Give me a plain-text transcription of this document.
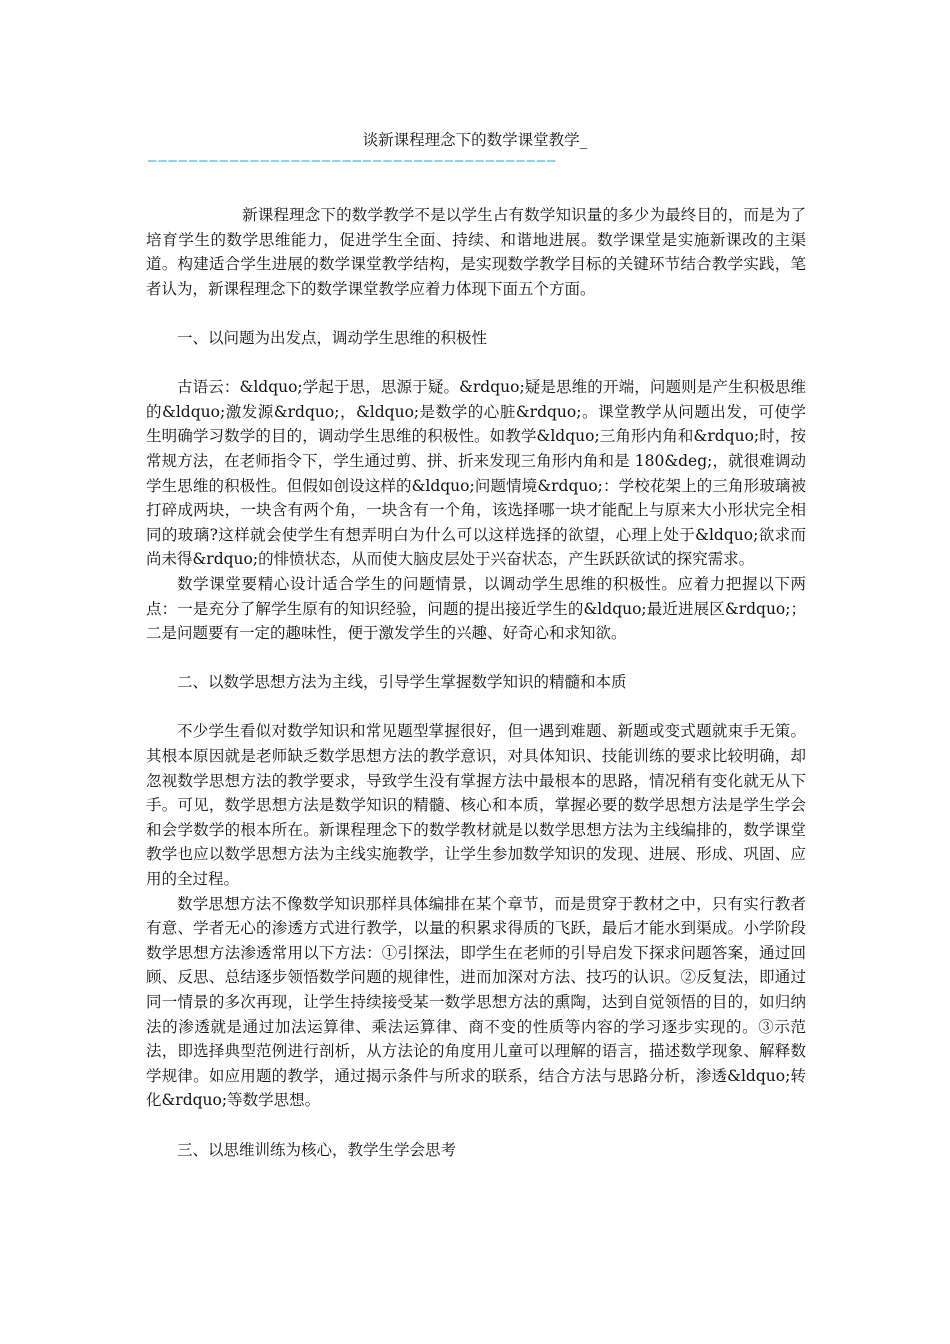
谈新课程理念下的数学课堂教学_
————————————————————————————————————————

新课程理念下的数学教学不是以学生占有数学知识量的多少为最终目的，而是为了培育学生的数学思维能力，促进学生全面、持续、和谐地进展。数学课堂是实施新课改的主渠道。构建适合学生进展的数学课堂教学结构，是实现数学教学目标的关键环节结合教学实践，笔者认为，新课程理念下的数学课堂教学应着力体现下面五个方面。

一、以问题为出发点，调动学生思维的积极性

古语云：&ldquo;学起于思，思源于疑。&rdquo;疑是思维的开端，问题则是产生积极思维的&ldquo;激发源&rdquo;，&ldquo;是数学的心脏&rdquo;。课堂教学从问题出发，可使学生明确学习数学的目的，调动学生思维的积极性。如教学&ldquo;三角形内角和&rdquo;时，按常规方法，在老师指令下，学生通过剪、拼、折来发现三角形内角和是 180&deg;，就很难调动学生思维的积极性。但假如创设这样的&ldquo;问题情境&rdquo;：学校花架上的三角形玻璃被打碎成两块，一块含有两个角，一块含有一个角，该选择哪一块才能配上与原来大小形状完全相同的玻璃?这样就会使学生有想弄明白为什么可以这样选择的欲望，心理上处于&ldquo;欲求而尚未得&rdquo;的悱愤状态，从而使大脑皮层处于兴奋状态，产生跃跃欲试的探究需求。

数学课堂要精心设计适合学生的问题情景，以调动学生思维的积极性。应着力把握以下两点：一是充分了解学生原有的知识经验，问题的提出接近学生的&ldquo;最近进展区&rdquo;；二是问题要有一定的趣味性，便于激发学生的兴趣、好奇心和求知欲。

二、以数学思想方法为主线，引导学生掌握数学知识的精髓和本质

不少学生看似对数学知识和常见题型掌握很好，但一遇到难题、新题或变式题就束手无策。其根本原因就是老师缺乏数学思想方法的教学意识，对具体知识、技能训练的要求比较明确，却忽视数学思想方法的教学要求，导致学生没有掌握方法中最根本的思路，情况稍有变化就无从下手。可见，数学思想方法是数学知识的精髓、核心和本质，掌握必要的数学思想方法是学生学会和会学数学的根本所在。新课程理念下的数学教材就是以数学思想方法为主线编排的，数学课堂教学也应以数学思想方法为主线实施教学，让学生参加数学知识的发现、进展、形成、巩固、应用的全过程。

数学思想方法不像数学知识那样具体编排在某个章节，而是贯穿于教材之中，只有实行教者有意、学者无心的渗透方式进行教学，以量的积累求得质的飞跃，最后才能水到渠成。小学阶段数学思想方法渗透常用以下方法：①引探法，即学生在老师的引导启发下探求问题答案，通过回顾、反思、总结逐步领悟数学问题的规律性，进而加深对方法、技巧的认识。②反复法，即通过同一情景的多次再现，让学生持续接受某一数学思想方法的熏陶，达到自觉领悟的目的，如归纳法的渗透就是通过加法运算律、乘法运算律、商不变的性质等内容的学习逐步实现的。③示范法，即选择典型范例进行剖析，从方法论的角度用儿童可以理解的语言，描述数学现象、解释数学规律。如应用题的教学，通过揭示条件与所求的联系，结合方法与思路分析，渗透&ldquo;转化&rdquo;等数学思想。

三、以思维训练为核心，教学生学会思考
